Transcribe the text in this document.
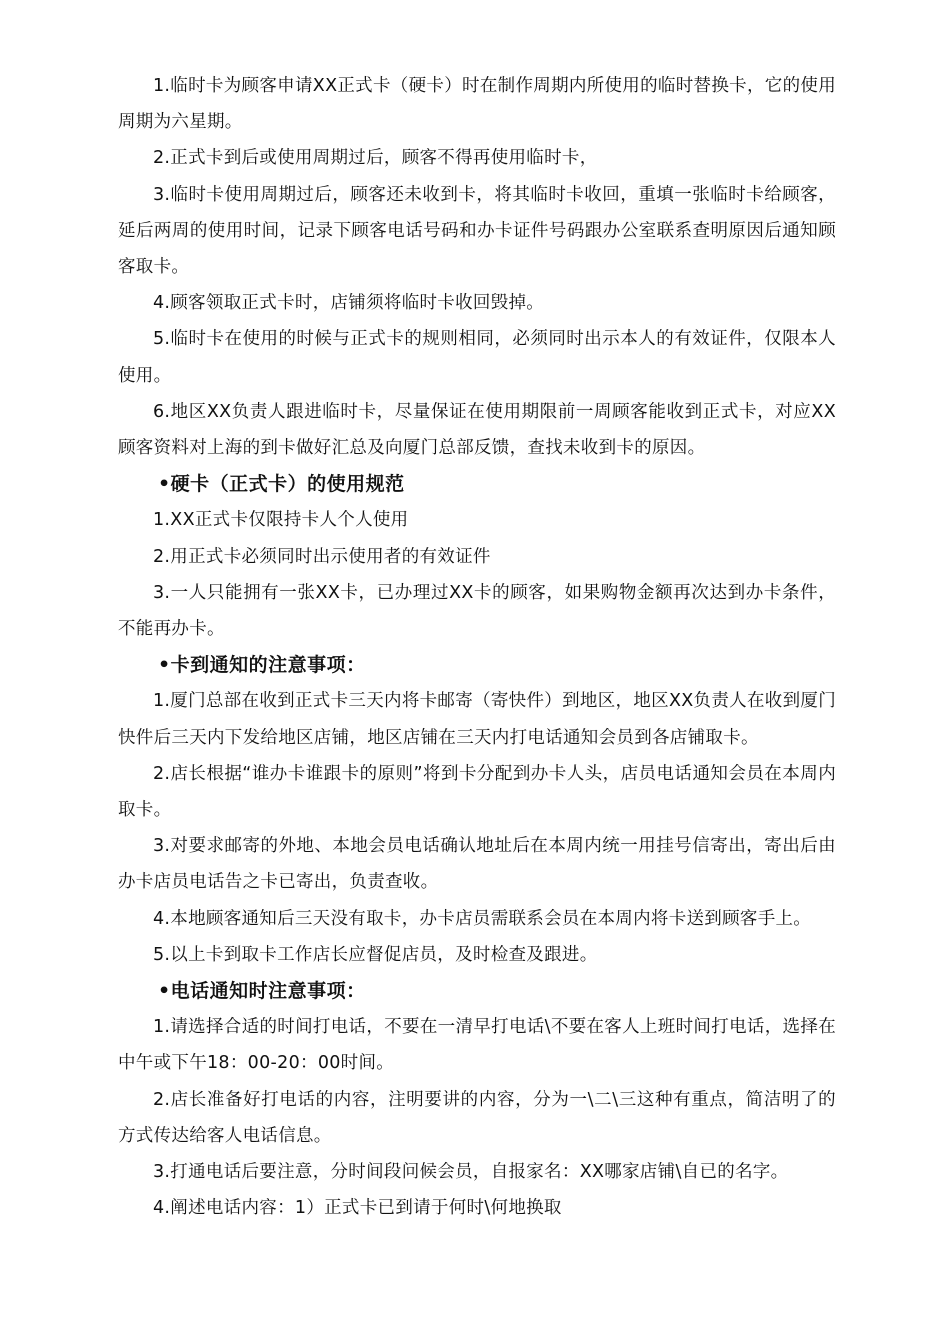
1.临时卡为顾客申请XX正式卡（硬卡）时在制作周期内所使用的临时替换卡，它的使用周期为六星期。

2.正式卡到后或使用周期过后，顾客不得再使用临时卡，

3.临时卡使用周期过后，顾客还未收到卡，将其临时卡收回，重填一张临时卡给顾客，延后两周的使用时间，记录下顾客电话号码和办卡证件号码跟办公室联系查明原因后通知顾客取卡。

4.顾客领取正式卡时，店铺须将临时卡收回毁掉。

5.临时卡在使用的时候与正式卡的规则相同，必须同时出示本人的有效证件，仅限本人使用。

6.地区XX负责人跟进临时卡，尽量保证在使用期限前一周顾客能收到正式卡，对应XX顾客资料对上海的到卡做好汇总及向厦门总部反馈，查找未收到卡的原因。

•硬卡（正式卡）的使用规范

1.XX正式卡仅限持卡人个人使用

2.用正式卡必须同时出示使用者的有效证件

3.一人只能拥有一张XX卡，已办理过XX卡的顾客，如果购物金额再次达到办卡条件，不能再办卡。

•卡到通知的注意事项：

1.厦门总部在收到正式卡三天内将卡邮寄（寄快件）到地区，地区XX负责人在收到厦门快件后三天内下发给地区店铺，地区店铺在三天内打电话通知会员到各店铺取卡。

2.店长根据“谁办卡谁跟卡的原则”将到卡分配到办卡人头，店员电话通知会员在本周内取卡。

3.对要求邮寄的外地、本地会员电话确认地址后在本周内统一用挂号信寄出，寄出后由办卡店员电话告之卡已寄出，负责查收。

4.本地顾客通知后三天没有取卡，办卡店员需联系会员在本周内将卡送到顾客手上。

5.以上卡到取卡工作店长应督促店员，及时检查及跟进。

•电话通知时注意事项：

1.请选择合适的时间打电话，不要在一清早打电话\不要在客人上班时间打电话，选择在中午或下午18：00-20：00时间。

2.店长准备好打电话的内容，注明要讲的内容，分为一\二\三这种有重点，简洁明了的方式传达给客人电话信息。

3.打通电话后要注意，分时间段问候会员，自报家名：XX哪家店铺\自已的名字。

4.阐述电话内容：1）正式卡已到请于何时\何地换取
